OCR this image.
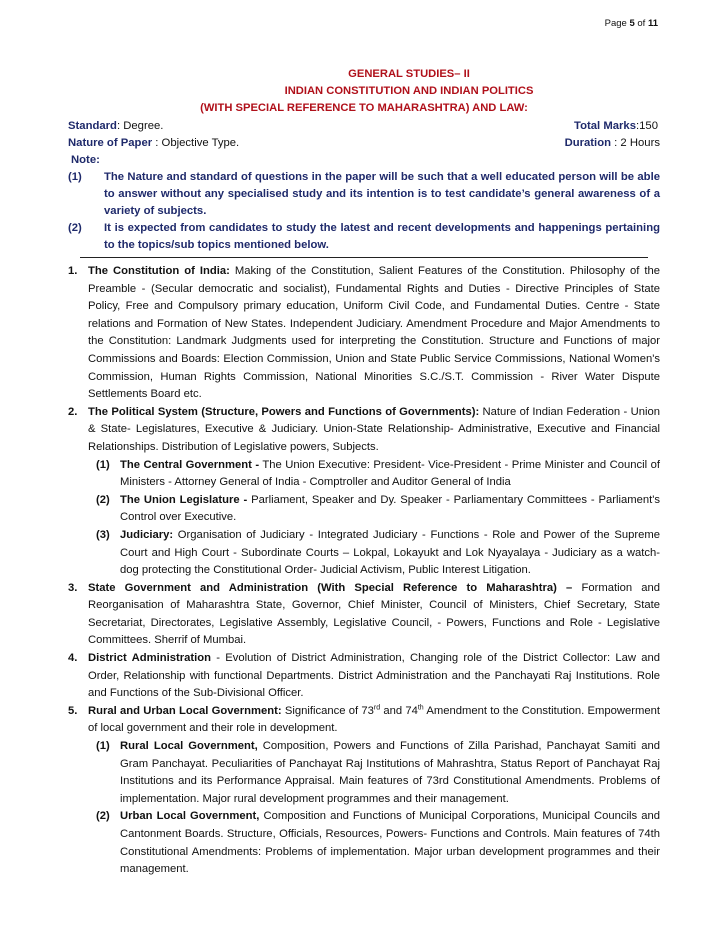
Page 5 of 11
GENERAL STUDIES– II
INDIAN CONSTITUTION AND INDIAN POLITICS
(WITH SPECIAL REFERENCE TO MAHARASHTRA) AND LAW:
Standard: Degree.	Total Marks:150
Nature of Paper : Objective Type.	Duration : 2 Hours
Note:
(1) The Nature and standard of questions in the paper will be such that a well educated person will be able to answer without any specialised study and its intention is to test candidate’s general awareness of a variety of subjects.
(2) It is expected from candidates to study the latest and recent developments and happenings pertaining to the topics/sub topics mentioned below.
1. The Constitution of India: Making of the Constitution, Salient Features of the Constitution. Philosophy of the Preamble - (Secular democratic and socialist), Fundamental Rights and Duties - Directive Principles of State Policy, Free and Compulsory primary education, Uniform Civil Code, and Fundamental Duties. Centre - State relations and Formation of New States. Independent Judiciary. Amendment Procedure and Major Amendments to the Constitution: Landmark Judgments used for interpreting the Constitution. Structure and Functions of major Commissions and Boards: Election Commission, Union and State Public Service Commissions, National Women's Commission, Human Rights Commission, National Minorities S.C./S.T. Commission - River Water Dispute Settlements Board etc.
2. The Political System (Structure, Powers and Functions of Governments): Nature of Indian Federation - Union & State- Legislatures, Executive & Judiciary. Union-State Relationship- Administrative, Executive and Financial Relationships. Distribution of Legislative powers, Subjects.
(1) The Central Government - The Union Executive: President- Vice-President - Prime Minister and Council of Ministers - Attorney General of India - Comptroller and Auditor General of India
(2) The Union Legislature - Parliament, Speaker and Dy. Speaker - Parliamentary Committees - Parliament's Control over Executive.
(3) Judiciary: Organisation of Judiciary - Integrated Judiciary - Functions - Role and Power of the Supreme Court and High Court - Subordinate Courts – Lokpal, Lokayukt and Lok Nyayalaya - Judiciary as a watch-dog protecting the Constitutional Order- Judicial Activism, Public Interest Litigation.
3. State Government and Administration (With Special Reference to Maharashtra) – Formation and Reorganisation of Maharashtra State, Governor, Chief Minister, Council of Ministers, Chief Secretary, State Secretariat, Directorates, Legislative Assembly, Legislative Council, - Powers, Functions and Role - Legislative Committees. Sherrif of Mumbai.
4. District Administration - Evolution of District Administration, Changing role of the District Collector: Law and Order, Relationship with functional Departments. District Administration and the Panchayati Raj Institutions. Role and Functions of the Sub-Divisional Officer.
5. Rural and Urban Local Government: Significance of 73rd and 74th Amendment to the Constitution. Empowerment of local government and their role in development.
(1) Rural Local Government, Composition, Powers and Functions of Zilla Parishad, Panchayat Samiti and Gram Panchayat. Peculiarities of Panchayat Raj Institutions of Mahrashtra, Status Report of Panchayat Raj Institutions and its Performance Appraisal. Main features of 73rd Constitutional Amendments. Problems of implementation. Major rural development programmes and their management.
(2) Urban Local Government, Composition and Functions of Municipal Corporations, Municipal Councils and Cantonment Boards. Structure, Officials, Resources, Powers- Functions and Controls. Main features of 74th Constitutional Amendments: Problems of implementation. Major urban development programmes and their management.
